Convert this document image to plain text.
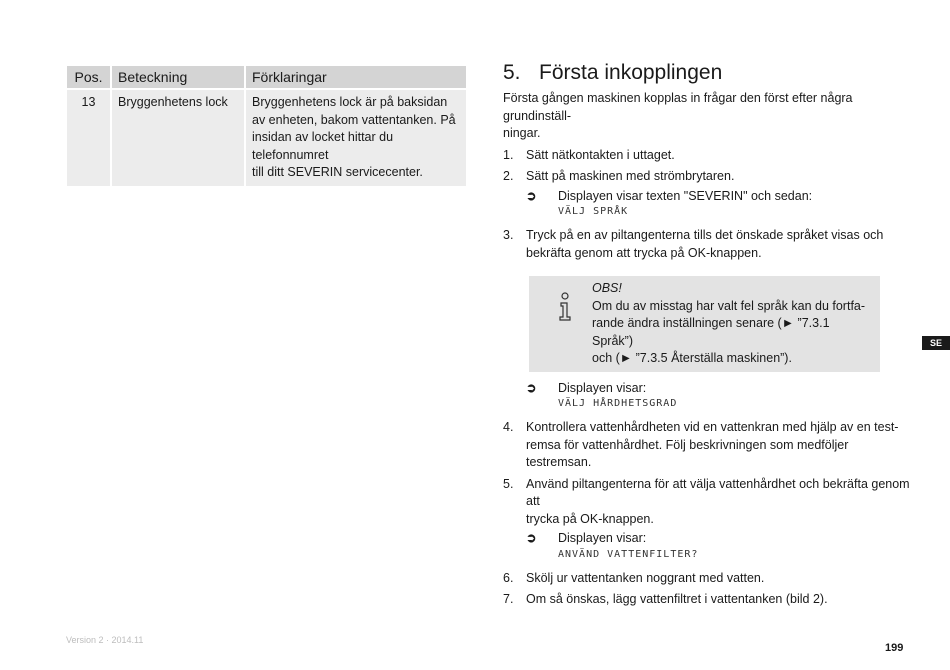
Pos.	Beteckning	Förklaringar
13	Bryggenhetens lock	Bryggenhetens lock är på baksidan
av enheten, bakom vattentanken. På
insidan av locket hittar du telefonnumret
till ditt SEVERIN servicecenter.
5. Första inkopplingen
Första gången maskinen kopplas in frågar den först efter några grundinställ-
ningar.
1.	Sätt nätkontakten i uttaget.
2.	Sätt på maskinen med strömbrytaren.
➲	Displayen visar texten "SEVERIN" och sedan:
VÄLJ SPRÅK
3.	Tryck på en av piltangenterna tills det önskade språket visas och
bekräfta genom att trycka på OK-knappen.
OBS!
Om du av misstag har valt fel språk kan du fortfa-
rande ändra inställningen senare (► ”7.3.1 Språk”)
och (► ”7.3.5 Återställa maskinen”).
➲	Displayen visar:
VÄLJ HÅRDHETSGRAD
4.	Kontrollera vattenhårdheten vid en vattenkran med hjälp av en test-
remsa för vattenhårdhet. Följ beskrivningen som medföljer testremsan.
5.	Använd piltangenterna för att välja vattenhårdhet och bekräfta genom att
trycka på OK-knappen.
➲	Displayen visar:
ANVÄND VATTENFILTER?
6.	Skölj ur vattentanken noggrant med vatten.
7.	Om så önskas, lägg vattenfiltret i vattentanken (bild 2).
SE
Version 2 · 2014.11
199
